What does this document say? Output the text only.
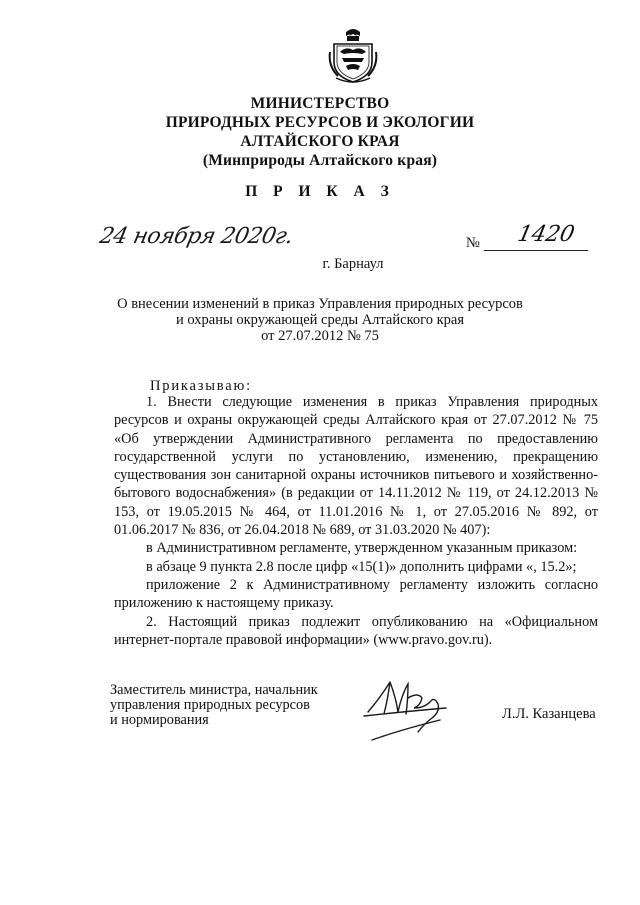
МИНИСТЕРСТВО
ПРИРОДНЫХ РЕСУРСОВ И ЭКОЛОГИИ
АЛТАЙСКОГО КРАЯ
(Минприроды Алтайского края)
П Р И К А З
24 ноября 2020г.	№ 1420
г. Барнаул
О внесении изменений в приказ Управления природных ресурсов
и охраны окружающей среды Алтайского края
от 27.07.2012 № 75
Приказываю:

1. Внести следующие изменения в приказ Управления природных ресурсов и охраны окружающей среды Алтайского края от 27.07.2012 № 75 «Об утверждении Административного регламента по предоставлению государственной услуги по установлению, изменению, прекращению существования зон санитарной охраны источников питьевого и хозяйственно-бытового водоснабжения» (в редакции от 14.11.2012 № 119, от 24.12.2013 № 153, от 19.05.2015 № 464, от 11.01.2016 № 1, от 27.05.2016 № 892, от 01.06.2017 № 836, от 26.04.2018 № 689, от 31.03.2020 № 407):

в Административном регламенте, утвержденном указанным приказом:

в абзаце 9 пункта 2.8 после цифр «15(1)» дополнить цифрами «, 15.2»;

приложение 2 к Административному регламенту изложить согласно приложению к настоящему приказу.

2. Настоящий приказ подлежит опубликованию на «Официальном интернет-портале правовой информации» (www.pravo.gov.ru).

Заместитель министра, начальник
управления природных ресурсов
и нормирования	Л.Л. Казанцева
